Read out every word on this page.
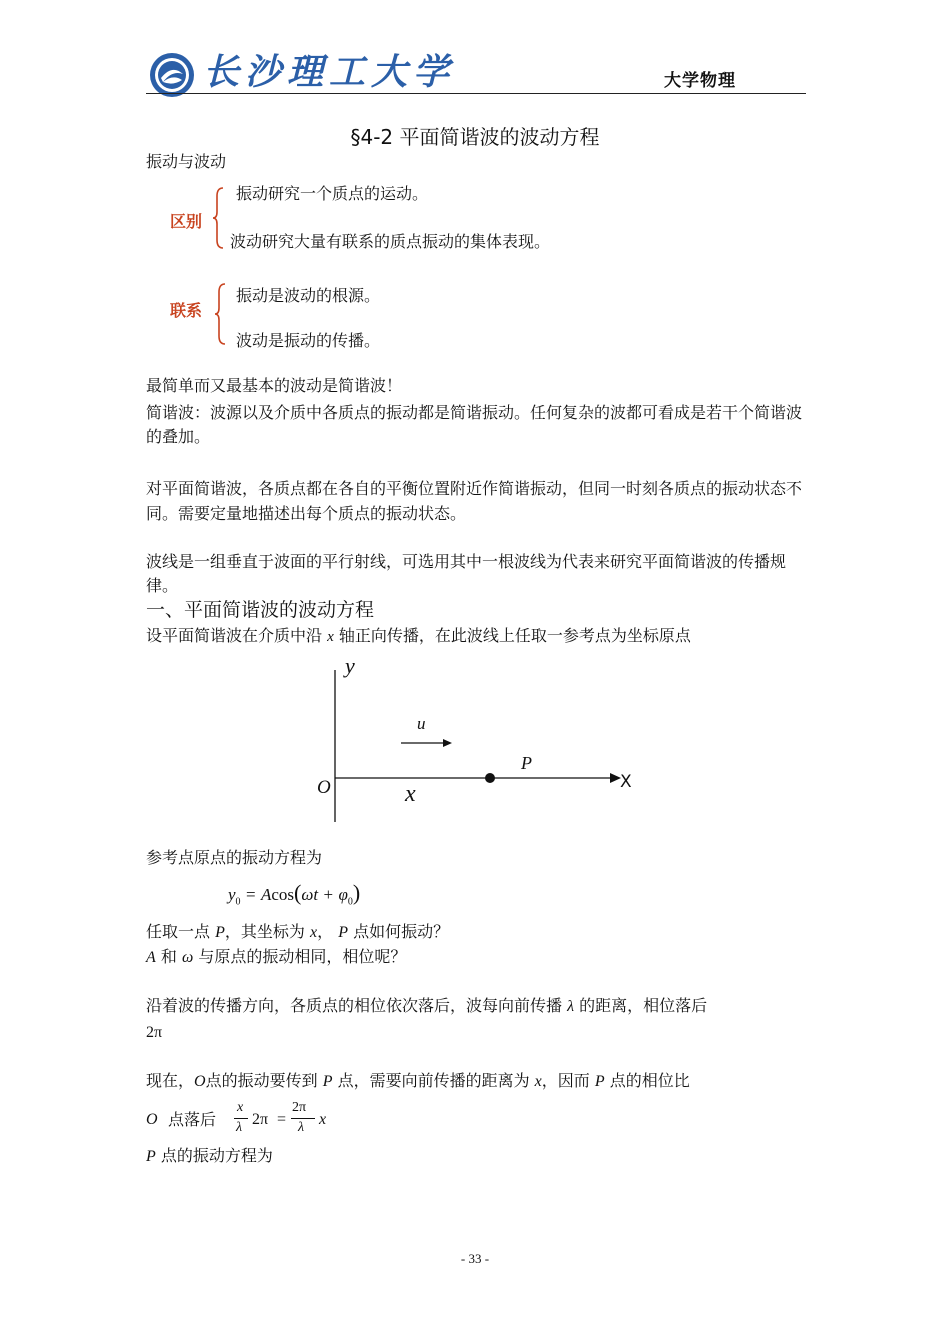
长沙理工大学	大学物理
§4-2 平面简谐波的波动方程
振动与波动
区别
振动研究一个质点的运动。
波动研究大量有联系的质点振动的集体表现。
联系
振动是波动的根源。
波动是振动的传播。
最简单而又最基本的波动是简谐波！
简谐波：波源以及介质中各质点的振动都是简谐振动。任何复杂的波都可看成是若干个简谐波的叠加。
对平面简谐波，各质点都在各自的平衡位置附近作简谐振动，但同一时刻各质点的振动状态不同。需要定量地描述出每个质点的振动状态。
波线是一组垂直于波面的平行射线，可选用其中一根波线为代表来研究平面简谐波的传播规律。
一、平面简谐波的波动方程
设平面简谐波在介质中沿 x 轴正向传播，在此波线上任取一参考点为坐标原点
y
u
P
O	x	X
参考点原点的振动方程为
$y_0 = Acos(\omega t + \varphi_0)$
任取一点 P，其坐标为 x， P 点如何振动？
A 和 ω 与原点的振动相同，相位呢？
沿着波的传播方向，各质点的相位依次落后，波每向前传播 λ 的距离，相位落后
2π
现在，O点的振动要传到 P 点，需要向前传播的距离为 x，因而 P 点的相位比
O 点落后
x
λ 2π =
2π
λ x
P 点的振动方程为
- 33 -
